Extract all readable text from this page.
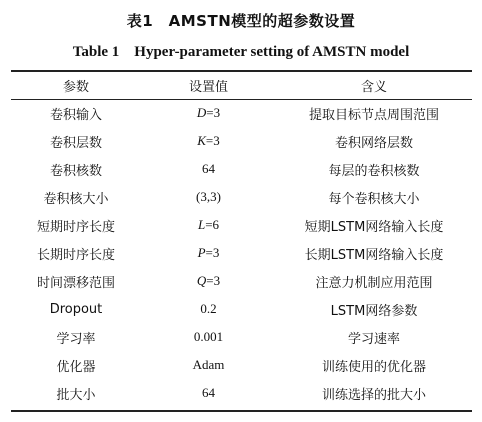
表1　AMSTN模型的超参数设置
Table 1　Hyper-parameter setting of AMSTN model
参数	设置值	含义
卷积输入	D=3	提取目标节点周围范围
卷积层数	K=3	卷积网络层数
卷积核数	64	每层的卷积核数
卷积核大小	(3,3)	每个卷积核大小
短期时序长度	L=6	短期LSTM网络输入长度
长期时序长度	P=3	长期LSTM网络输入长度
时间漂移范围	Q=3	注意力机制应用范围
Dropout	0.2	LSTM网络参数
学习率	0.001	学习速率
优化器	Adam	训练使用的优化器
批大小	64	训练选择的批大小
